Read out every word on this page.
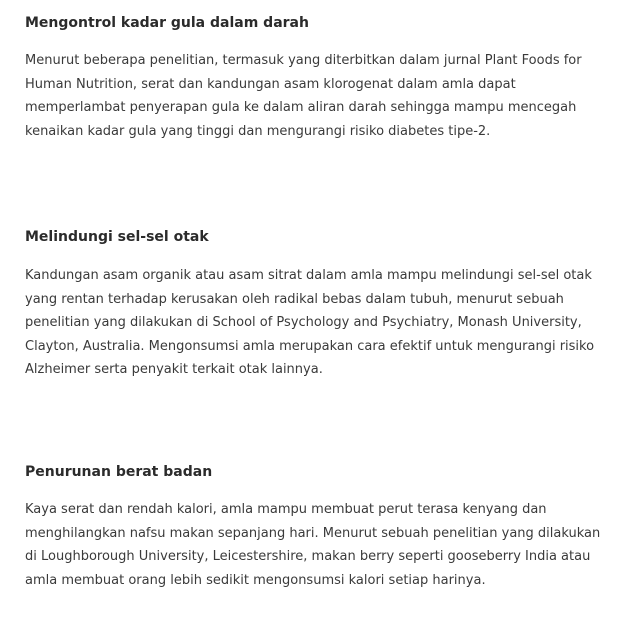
Mengontrol kadar gula dalam darah

Menurut beberapa penelitian, termasuk yang diterbitkan dalam jurnal Plant Foods for Human Nutrition, serat dan kandungan asam klorogenat dalam amla dapat memperlambat penyerapan gula ke dalam aliran darah sehingga mampu mencegah kenaikan kadar gula yang tinggi dan mengurangi risiko diabetes tipe-2.

Melindungi sel-sel otak

Kandungan asam organik atau asam sitrat dalam amla mampu melindungi sel-sel otak yang rentan terhadap kerusakan oleh radikal bebas dalam tubuh, menurut sebuah penelitian yang dilakukan di School of Psychology and Psychiatry, Monash University, Clayton, Australia. Mengonsumsi amla merupakan cara efektif untuk mengurangi risiko Alzheimer serta penyakit terkait otak lainnya.

Penurunan berat badan

Kaya serat dan rendah kalori, amla mampu membuat perut terasa kenyang dan menghilangkan nafsu makan sepanjang hari. Menurut sebuah penelitian yang dilakukan di Loughborough University, Leicestershire, makan berry seperti gooseberry India atau amla membuat orang lebih sedikit mengonsumsi kalori setiap harinya.
